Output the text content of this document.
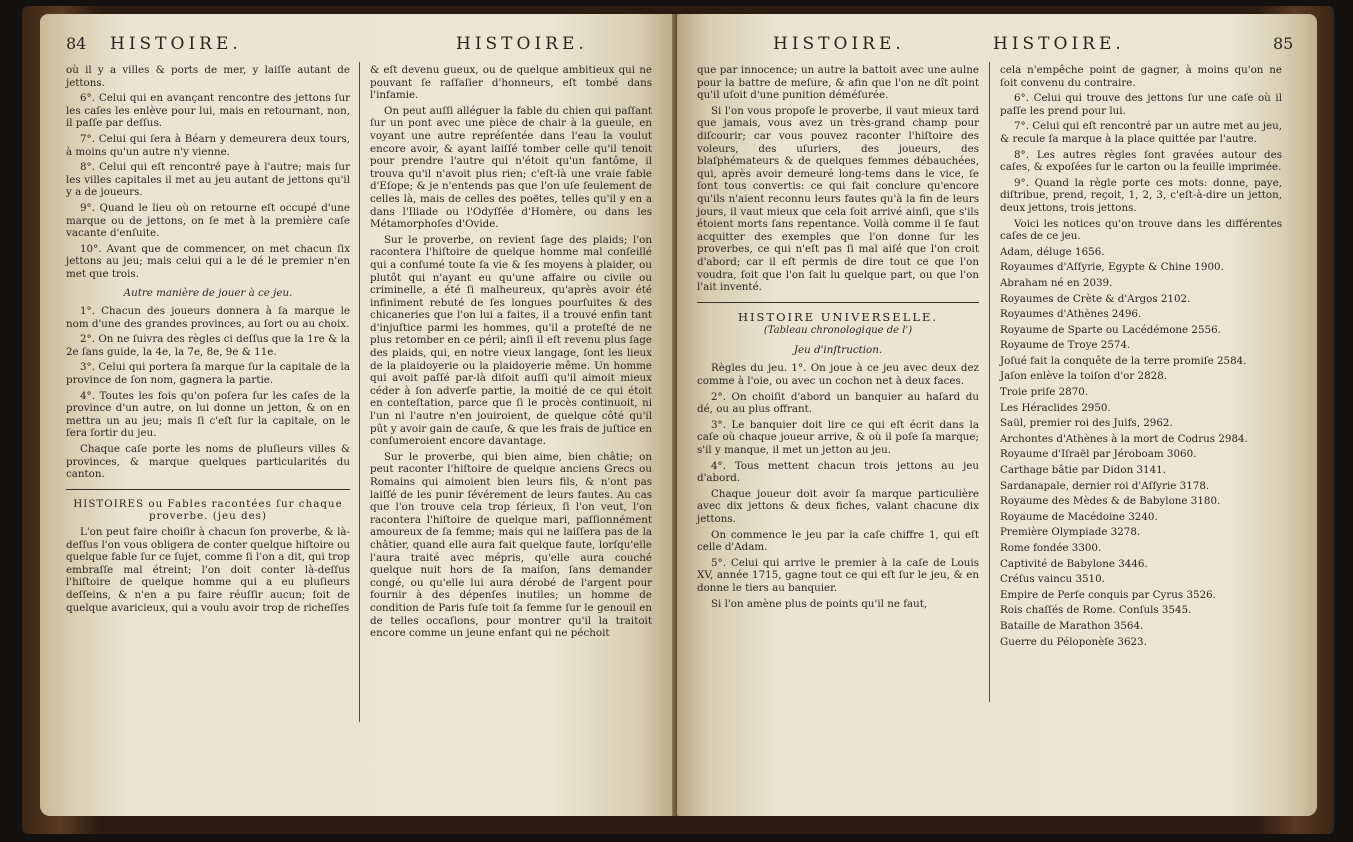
84 HISTOIRE.	HISTOIRE.

où il y a villes & ports de mer, y laiſſe autant de jettons.

6°. Celui qui en avançant rencontre des jettons ſur les caſes les enlève pour lui, mais en retournant, non, il paſſe par deſſus.

7°. Celui qui ſera à Béarn y demeurera deux tours, à moins qu'un autre n'y vienne.

8°. Celui qui eſt rencontré paye à l'autre; mais ſur les villes capitales il met au jeu autant de jettons qu'il y a de joueurs.

9°. Quand le lieu où on retourne eſt occupé d'une marque ou de jettons, on ſe met à la première caſe vacante d'enſuite.

10°. Avant que de commencer, on met chacun ſix jettons au jeu; mais celui qui a le dé le premier n'en met que trois.

Autre manière de jouer à ce jeu.

1°. Chacun des joueurs donnera à ſa marque le nom d'une des grandes provinces, au ſort ou au choix.

2°. On ne ſuivra des règles ci deſſus que la 1re & la 2e ſans guide, la 4e, la 7e, 8e, 9e & 11e.

3°. Celui qui portera ſa marque ſur la capitale de la province de ſon nom, gagnera la partie.

4°. Toutes les fois qu'on poſera ſur les caſes de la province d'un autre, on lui donne un jetton, & on en mettra un au jeu; mais ſi c'eſt ſur la capitale, on le ſera ſortir du jeu.

Chaque caſe porte les noms de pluſieurs villes & provinces, & marque quelques particularités du canton.

HISTOIRES ou Fables racontées ſur chaque proverbe. (jeu des)

L'on peut faire choiſir à chacun ſon proverbe, & là-deſſus l'on vous obligera de conter quelque hiſtoire ou quelque fable ſur ce ſujet, comme ſi l'on a dit, qui trop embraſſe mal étreint; l'on doit conter là-deſſus l'hiſtoire de quelque homme qui a eu pluſieurs deſſeins, & n'en a pu faire réuſſir aucun; ſoit de quelque avaricieux, qui a voulu avoir trop de richeſſes

& eſt devenu gueux, ou de quelque ambitieux qui ne pouvant ſe raſſaſier d'honneurs, eſt tombé dans l'infamie.

On peut auſſi alléguer la fable du chien qui paſſant ſur un pont avec une pièce de chair à la gueule, en voyant une autre repréſentée dans l'eau la voulut encore avoir, & ayant laiſſé tomber celle qu'il tenoit pour prendre l'autre qui n'étoit qu'un fantôme, il trouva qu'il n'avoit plus rien; c'eſt-là une vraie fable d'Eſope; & je n'entends pas que l'on uſe ſeulement de celles là, mais de celles des poëtes, telles qu'il y en a dans l'Iliade ou l'Odyſſée d'Homère, ou dans les Métamorphoſes d'Ovide.

Sur le proverbe, on revient ſage des plaids; l'on racontera l'hiſtoire de quelque homme mal conſeillé qui a conſumé toute ſa vie & ſes moyens à plaider, ou plutôt qui n'ayant eu qu'une affaire ou civile ou criminelle, a été ſi malheureux, qu'après avoir été infiniment rebuté de ſes longues pourſuites & des chicaneries que l'on lui a faites, il a trouvé enfin tant d'injuſtice parmi les hommes, qu'il a proteſté de ne plus retomber en ce péril; ainſi il eſt revenu plus ſage des plaids, qui, en notre vieux langage, ſont les lieux de la plaidoyerie ou la plaidoyerie même. Un homme qui avoit paſſé par-là diſoit auſſi qu'il aimoit mieux céder à ſon adverſe partie, la moitié de ce qui étoit en conteſtation, parce que ſi le procès continuoit, ni l'un ni l'autre n'en jouiroient, de quelque côté qu'il pût y avoir gain de cauſe, & que les frais de juſtice en conſumeroient encore davantage.

Sur le proverbe, qui bien aime, bien châtie; on peut raconter l'hiſtoire de quelque anciens Grecs ou Romains qui aimoient bien leurs fils, & n'ont pas laiſſé de les punir ſévérement de leurs fautes. Au cas que l'on trouve cela trop ſérieux, ſi l'on veut, l'on racontera l'hiſtoire de quelque mari, paſſionnément amoureux de ſa femme; mais qui ne laiſſera pas de la châtier, quand elle aura fait quelque faute, lorſqu'elle l'aura traité avec mépris, qu'elle aura couché quelque nuit hors de ſa maiſon, ſans demander congé, ou qu'elle lui aura dérobé de l'argent pour fournir à des dépenſes inutiles; un homme de condition de Paris fuſe toit ſa femme ſur le genouil en de telles occaſions, pour montrer qu'il la traitoit encore comme un jeune enfant qui ne péchoit

HISTOIRE.	HISTOIRE.	85

que par innocence; un autre la battoit avec une aulne pour la battre de meſure, & afin que l'on ne dît point qu'il uſoit d'une punition déméſurée.

Si l'on vous propoſe le proverbe, il vaut mieux tard que jamais, vous avez un très-grand champ pour diſcourir; car vous pouvez raconter l'hiſtoire des voleurs, des uſuriers, des joueurs, des blaſphémateurs & de quelques femmes débauchées, qui, après avoir demeuré long-tems dans le vice, ſe ſont tous convertis: ce qui fait conclure qu'encore qu'ils n'aient reconnu leurs fautes qu'à la fin de leurs jours, il vaut mieux que cela ſoit arrivé ainſi, que s'ils étoient morts ſans repentance. Voilà comme il ſe faut acquitter des exemples que l'on donne ſur les proverbes, ce qui n'eſt pas ſi mal aiſé que l'on croit d'abord; car il eſt permis de dire tout ce que l'on voudra, ſoit que l'on ſait lu quelque part, ou que l'on l'ait inventé.

HISTOIRE UNIVERSELLE.

(Tableau chronologique de l')

Jeu d'inſtruction.

Règles du jeu. 1°. On joue à ce jeu avec deux dez comme à l'oie, ou avec un cochon net à deux faces.

2°. On choiſit d'abord un banquier au haſard du dé, ou au plus offrant.

3°. Le banquier doit lire ce qui eſt écrit dans la caſe où chaque joueur arrive, & où il poſe ſa marque; s'il y manque, il met un jetton au jeu.

4°. Tous mettent chacun trois jettons au jeu d'abord.

Chaque joueur doit avoir ſa marque particulière avec dix jettons & deux fiches, valant chacune dix jettons.

On commence le jeu par la caſe chiffre 1, qui eſt celle d'Adam.

5°. Celui qui arrive le premier à la caſe de Louis XV, année 1715, gagne tout ce qui eſt ſur le jeu, & en donne le tiers au banquier.

Si l'on amène plus de points qu'il ne faut,

cela n'empêche point de gagner, à moins qu'on ne ſoit convenu du contraire.

6°. Celui qui trouve des jettons ſur une caſe où il paſſe les prend pour lui.

7°. Celui qui eſt rencontré par un autre met au jeu, & recule ſa marque à la place quittée par l'autre.

8°. Les autres règles ſont gravées autour des caſes, & expoſées ſur le carton ou la feuille imprimée.

9°. Quand la règle porte ces mots: donne, paye, diſtribue, prend, reçoit, 1, 2, 3, c'eſt-à-dire un jetton, deux jettons, trois jettons.

Voici les notices qu'on trouve dans les différentes caſes de ce jeu.

Adam, déluge 1656.

Royaumes d'Aſſyrie, Egypte & Chine 1900.

Abraham né en 2039.

Royaumes de Crète & d'Argos 2102.

Royaumes d'Athènes 2496.

Royaume de Sparte ou Lacédémone 2556.

Royaume de Troye 2574.

Joſué fait la conquête de la terre promiſe 2584.

Jaſon enlève la toiſon d'or 2828.

Troie priſe 2870.

Les Héraclides 2950.

Saül, premier roi des Juifs, 2962.

Archontes d'Athènes à la mort de Codrus 2984.

Royaume d'Iſraël par Jéroboam 3060.

Carthage bâtie par Didon 3141.

Sardanapale, dernier roi d'Aſſyrie 3178.

Royaume des Mèdes & de Babylone 3180.

Royaume de Macédoine 3240.

Première Olympiade 3278.

Rome fondée 3300.

Captivité de Babylone 3446.

Créſus vaincu 3510.

Empire de Perſe conquis par Cyrus 3526.

Rois chaſſés de Rome. Conſuls 3545.

Bataille de Marathon 3564.

Guerre du Péloponèſe 3623.
